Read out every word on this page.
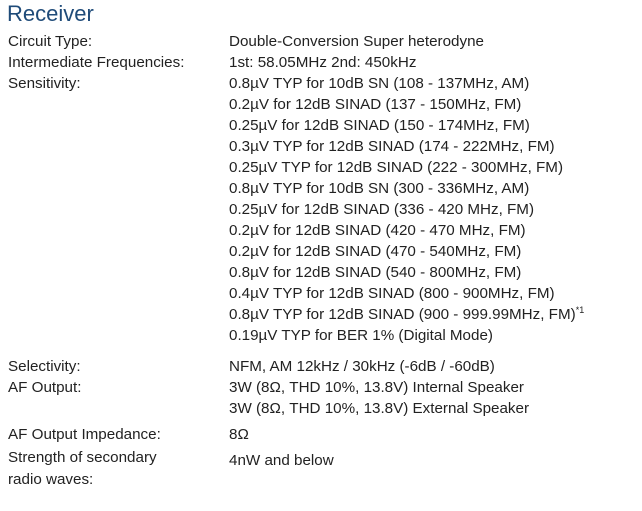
Receiver
Circuit Type:	Double-Conversion Super heterodyne
Intermediate Frequencies:	1st: 58.05MHz 2nd: 450kHz
Sensitivity:	0.8µV TYP for 10dB SN (108 - 137MHz, AM)
0.2µV for 12dB SINAD (137 - 150MHz, FM)
0.25µV for 12dB SINAD (150 - 174MHz, FM)
0.3µV TYP for 12dB SINAD (174 - 222MHz, FM)
0.25µV TYP for 12dB SINAD (222 - 300MHz, FM)
0.8µV TYP for 10dB SN (300 - 336MHz, AM)
0.25µV for 12dB SINAD (336 - 420 MHz, FM)
0.2µV for 12dB SINAD (420 - 470 MHz, FM)
0.2µV for 12dB SINAD (470 - 540MHz, FM)
0.8µV for 12dB SINAD (540 - 800MHz, FM)
0.4µV TYP for 12dB SINAD (800 - 900MHz, FM)
0.8µV TYP for 12dB SINAD (900 - 999.99MHz, FM)$^{*1}$
0.19µV TYP for BER 1% (Digital Mode)
Selectivity:	NFM, AM 12kHz / 30kHz (-6dB / -60dB)
AF Output:	3W (8Ω, THD 10%, 13.8V) Internal Speaker
3W (8Ω, THD 10%, 13.8V) External Speaker
AF Output Impedance:	8Ω
Strength of secondary	4nW and below
radio waves:
